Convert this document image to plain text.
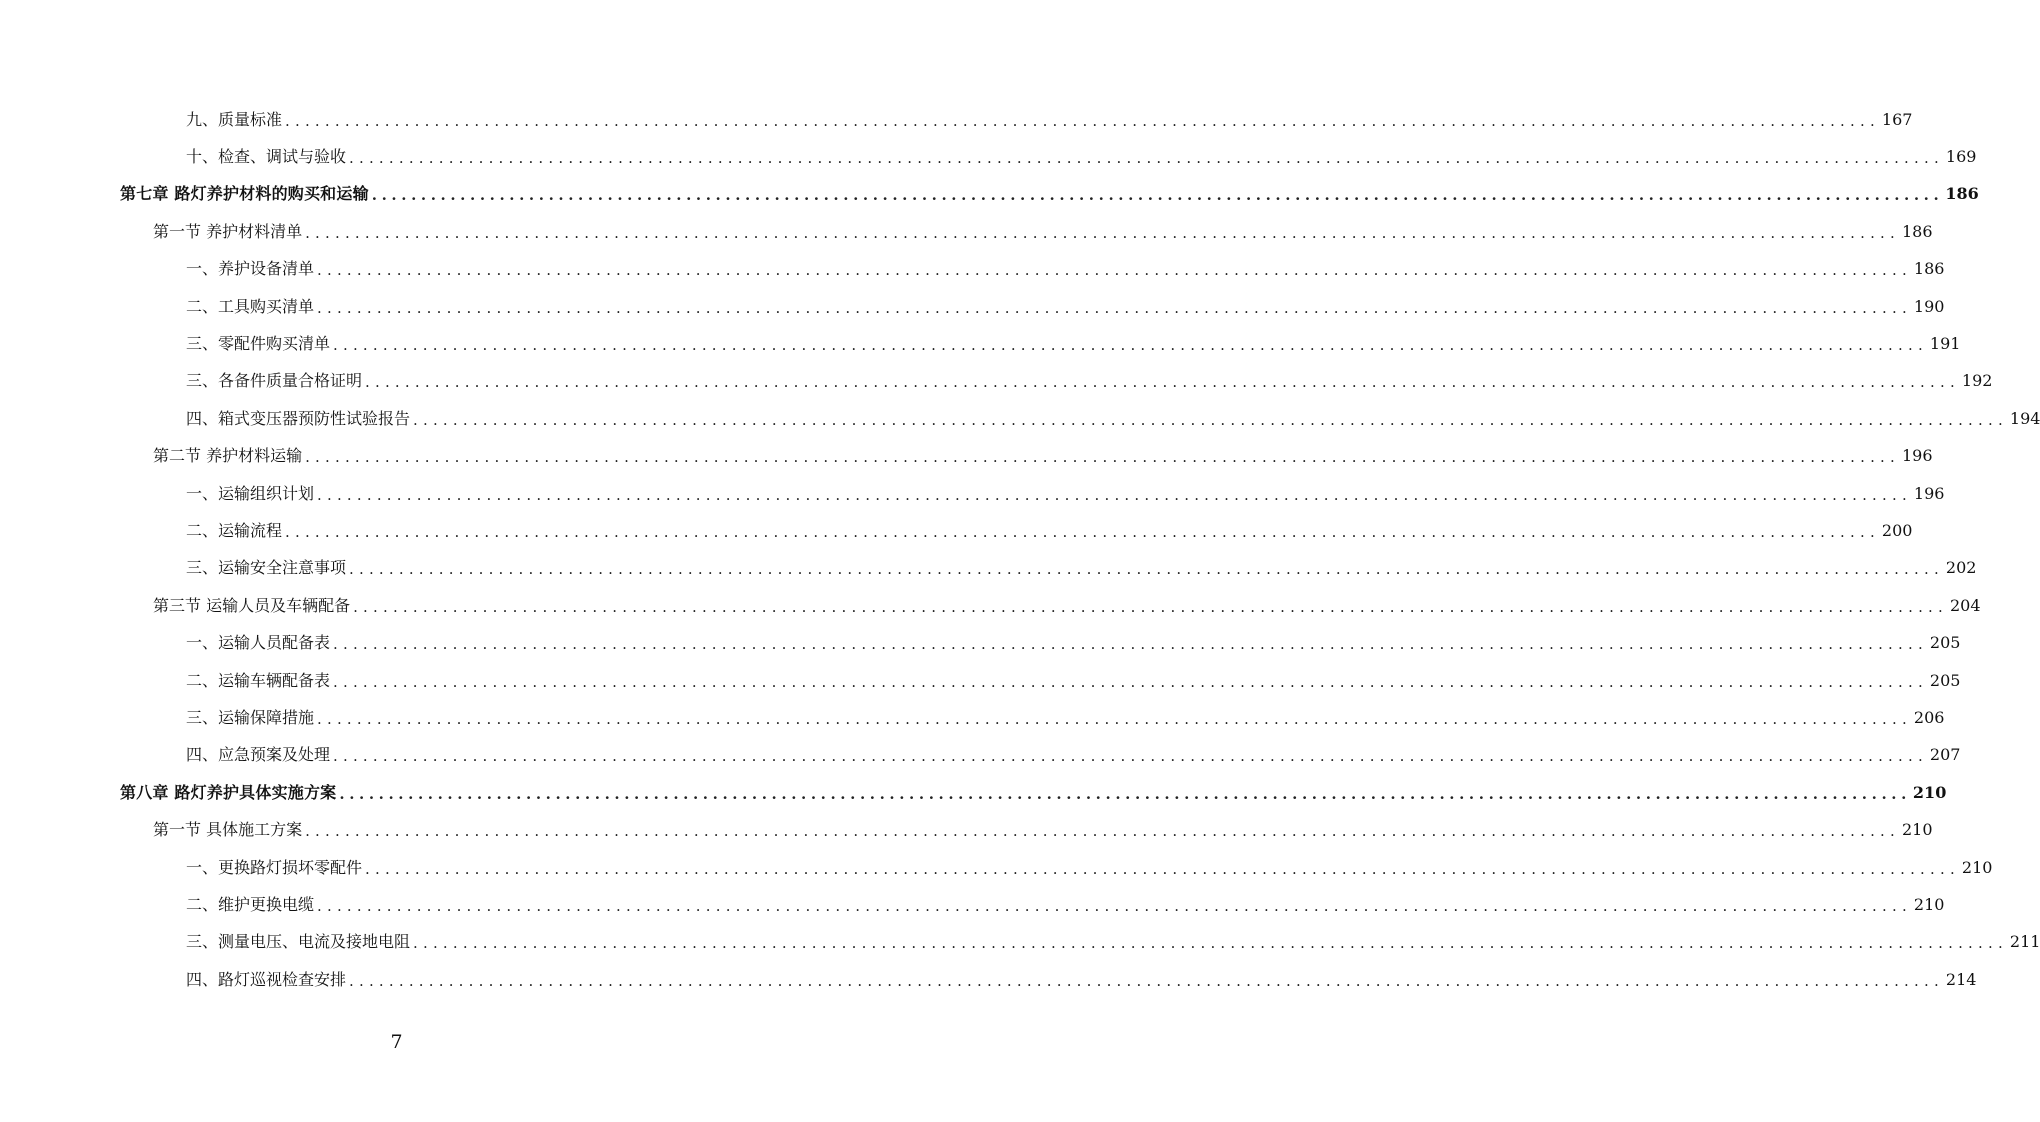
九、质量标准 ................................................................................................................................................................ 167
十、检查、调试与验收 ................................................................................................................................................................ 169
第七章 路灯养护材料的购买和运输 ................................................................................................................................................................ 186
第一节 养护材料清单 ................................................................................................................................................................ 186
一、养护设备清单 ................................................................................................................................................................ 186
二、工具购买清单 ................................................................................................................................................................ 190
三、零配件购买清单 ................................................................................................................................................................ 191
三、各备件质量合格证明 ................................................................................................................................................................ 192
四、箱式变压器预防性试验报告 ................................................................................................................................................................ 194
第二节 养护材料运输 ................................................................................................................................................................ 196
一、运输组织计划 ................................................................................................................................................................ 196
二、运输流程 ................................................................................................................................................................ 200
三、运输安全注意事项 ................................................................................................................................................................ 202
第三节 运输人员及车辆配备 ................................................................................................................................................................ 204
一、运输人员配备表 ................................................................................................................................................................ 205
二、运输车辆配备表 ................................................................................................................................................................ 205
三、运输保障措施 ................................................................................................................................................................ 206
四、应急预案及处理 ................................................................................................................................................................ 207
第八章 路灯养护具体实施方案 ................................................................................................................................................................ 210
第一节 具体施工方案 ................................................................................................................................................................ 210
一、更换路灯损坏零配件 ................................................................................................................................................................ 210
二、维护更换电缆 ................................................................................................................................................................ 210
三、测量电压、电流及接地电阻 ................................................................................................................................................................ 211
四、路灯巡视检查安排 ................................................................................................................................................................ 214
7
